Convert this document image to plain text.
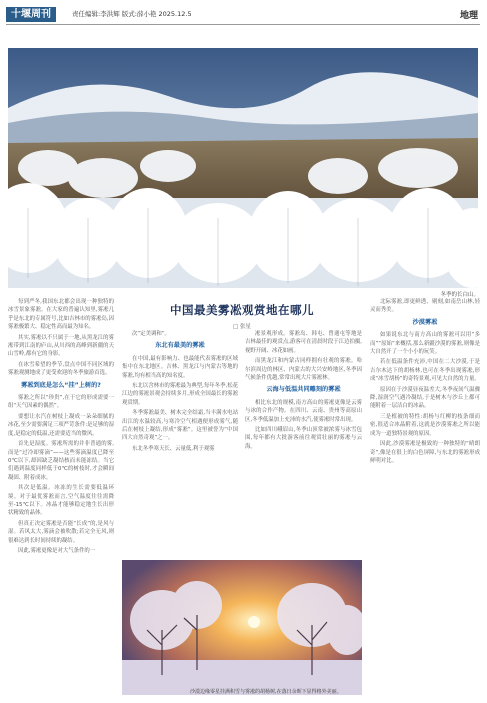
十堰周刊	责任编辑:李洪辉 版式:薛小艳 2025.12.5	地理
冬季的长白山。

每到严冬,我国东北都会出现一种独特的冰雪景象雾凇。在大家的普遍认知里,雾凇几乎是东北的专属符号,比如吉林市的雾凇岛,因雾凇极繁大、稳定性高而最为知名。

其实,雾凇以不只属于一地,从黑龙江的雾淞带到江南的庐山,从川西的高峰到新疆的天山雪岭,都有它的身影。

在冰雪希望的季节,盘点中国不同区域的雾凇观测地成了更受欢迎的冬季旅游首选。

雾凇到底是怎么“挂”上树的?

雾凇之所以“珍贵”,在于它的形成需要一组“天气因素的偶然”。

要想让水汽在树枝上凝成一朵朵细腻的冰花,至少需要满足三项严苛条件:是足够的湿度,是稳定的低温,还需要适当的微风。

首先是湿度。雾凇所需的并非普通的雾,而是“过冷却雾滴”——这些雾滴温度已降至0℃以下,却因缺乏凝结核而未能冻结。当它们遇到温度同样低于0℃的树枝时,才会瞬间凝固、附着成冰。

其次是低温。冰冻的生长需要低温环境。对于最优雾凇而言,空气温度往往需降至-15℃以下。冰晶才能够稳定地生长出形状精致的晶体。

但真正决定雾凇是否能“长成”的,是风与湿。若风太大,雾滴会被吹散;若完全无风,则很难达到长时间持续的凝结。

因此,雾凇更像是对大气条件的一

中国最美雾凇观赏地在哪儿
□ 张星

次“定美调和”。

东北有最美的雾凇

在中国,最有影响力、也最能代表雾凇的区域集中在东北地区。吉林、黑龙江与内蒙古等地的雾凇,均有相当高的知名度。

东北以含林市的雾凇最为典型,每年冬季,松花江边的雾凇景观会持续多月,形成全国最长的雾凇观赏期。

冬季雾凇最美、树木完全结霜,当丰满水电站出江的水温较高,与寒冷空气相遇便形成雾气,随后在树枝上凝结,形成“雾凇”。这里被誉为“中国四大自然奇观”之一。

东北冬季寒天长、云量低,利于观雾

凇景观形成。雾凇岛、韩屯、曾通屯等地是吉林最佳的观赏点,游客可在清晨时段于江边拍摄,视野开阔、冰花如画。

而黑龙江和内蒙古同样拥有壮观的雾凇。哈尔滨周边的林区、内蒙古的大兴安岭地区,冬季因气候条件优越,常常出现大片雾凇林。

云海与低温共同雕刻的雾凇

相比东北的规模,南方高山的雾凇更像是云雾与冰的合作产物。在四川、云南、贵州等高原山区,冬季低温加上充沛的水汽,使雾凇时常出现。

比如四川峨眉山,冬季山顶常被浓雾与冰雪包围,每年都有大批游客前往观赏壮丽的雾凇与云海。

沙漠边缘零星挂满积雪与雾凇的胡杨树,在落日余晖下显得格外美丽。

北际雾凇,即更鲜透、剔刻,如南岳山林,轻灵而秀美。

沙漠雾凇

如果说东北与南方高山的雾凇可以用“多而”“原始”来概括,那么新疆沙漠的雾凇,则像是大自然开了一个小小的玩笑。

若在低温条件充沛,中国在二大沙漠,于是吉尔木达下的胡杨林,也可在冬季出现雾凇,形成“冰雪胡杨”的奇特景观,可见大自然的力量。

原因在于沙漠昼夜温差大,冬季夜间气温骤降,湿润空气遇冷凝结,于是树木与沙丘上都可能附着一层洁白的冰晶。

三是植被的特性:胡杨与红柳的枝条细而密,很适合冰晶附着,这就是沙漠雾凇之所以能成为一道独特景观的原因。

因此,沙漠雾凇是极致的一种独特的“晴朗奇”,像是在很上的白色屏障,与东北的雾凇形成鲜明对比。
